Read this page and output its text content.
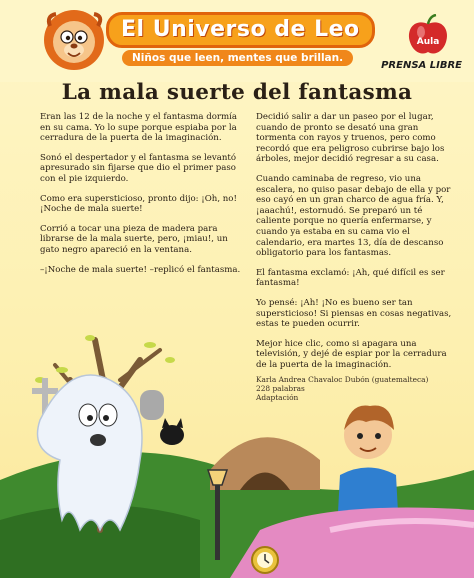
El Universo de Leo
Niños que leen, mentes que brillan.
Aula
PRENSA LIBRE
La mala suerte del fantasma

Eran las 12 de la noche y el fantasma dormía en su cama. Yo lo supe porque espiaba por la cerradura de la puerta de la imaginación.

Sonó el despertador y el fantasma se levantó apresurado sin fijarse que dio el primer paso con el pie izquierdo.

Como era supersticioso, pronto dijo: ¡Oh, no! ¡Noche de mala suerte!

Corrió a tocar una pieza de madera para librarse de la mala suerte, pero, ¡miau!, un gato negro apareció en la ventana.

–¡Noche de mala suerte! –replicó el fantasma.

Decidió salir a dar un paseo por el lugar, cuando de pronto se desató una gran tormenta con rayos y truenos, pero como recordó que era peligroso cubrirse bajo los árboles, mejor decidió regresar a su casa.

Cuando caminaba de regreso, vio una escalera, no quiso pasar debajo de ella y por eso cayó en un gran charco de agua fría. Y, ¡aaachú!, estornudó. Se preparó un té caliente porque no quería enfermarse, y cuando ya estaba en su cama vio el calendario, era martes 13, día de descanso obligatorio para los fantasmas.

El fantasma exclamó: ¡Ah, qué difícil es ser fantasma!

Yo pensé: ¡Ah! ¡No es bueno ser tan supersticioso! Si piensas en cosas negativas, estas te pueden ocurrir.

Mejor hice clic, como si apagara una televisión, y dejé de espiar por la cerradura de la puerta de la imaginación.

Karla Andrea Chavaloc Dubón (guatemalteca)
228 palabras
Adaptación
